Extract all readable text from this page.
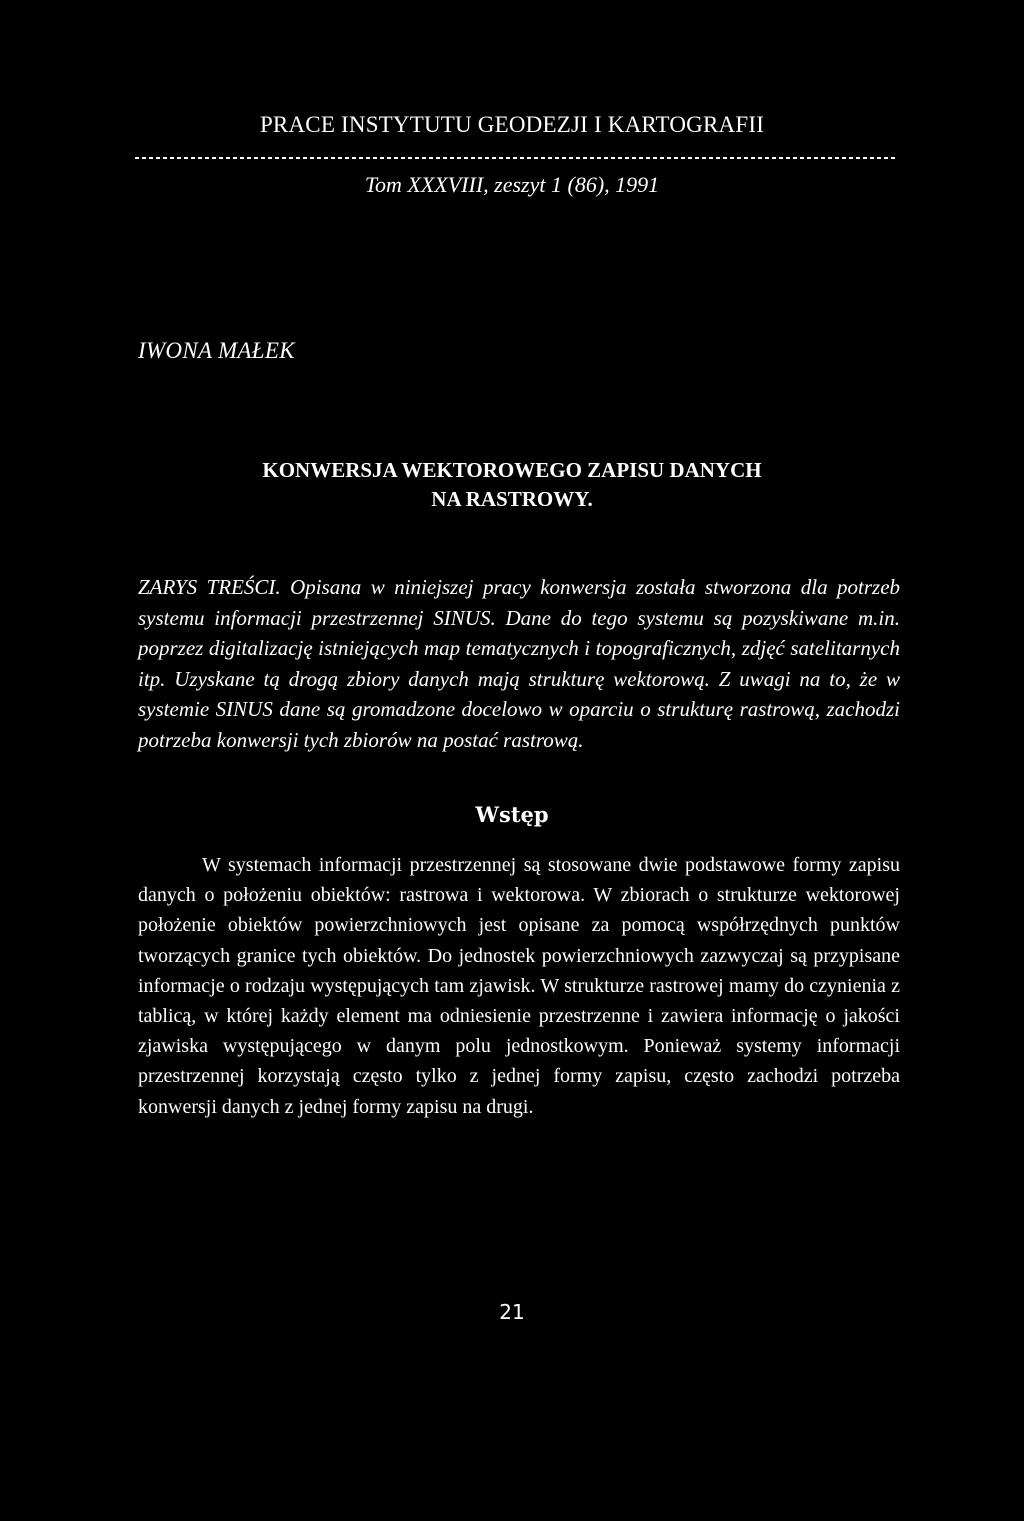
PRACE INSTYTUTU GEODEZJI I KARTOGRAFII
Tom XXXVIII, zeszyt 1 (86), 1991
IWONA MAŁEK
KONWERSJA WEKTOROWEGO ZAPISU DANYCH
NA RASTROWY.
ZARYS TREŚCI. Opisana w niniejszej pracy konwersja została stworzona dla potrzeb systemu informacji przestrzennej SINUS. Dane do tego systemu są pozyskiwane m.in. poprzez digitalizację istniejących map tematycznych i topograficznych, zdjęć satelitarnych itp. Uzyskane tą drogą zbiory danych mają strukturę wektorową. Z uwagi na to, że w systemie SINUS dane są gromadzone docelowo w oparciu o strukturę rastrową, zachodzi potrzeba konwersji tych zbiorów na postać rastrową.
Wstęp
W systemach informacji przestrzennej są stosowane dwie podstawowe formy zapisu danych o położeniu obiektów: rastrowa i wektorowa. W zbiorach o strukturze wektorowej położenie obiektów powierzchniowych jest opisane za pomocą współrzędnych punktów tworzących granice tych obiektów. Do jednostek powierzchniowych zazwyczaj są przypisane informacje o rodzaju występujących tam zjawisk. W strukturze rastrowej mamy do czynienia z tablicą, w której każdy element ma odniesienie przestrzenne i zawiera informację o jakości zjawiska występującego w danym polu jednostkowym. Ponieważ systemy informacji przestrzennej korzystają często tylko z jednej formy zapisu, często zachodzi potrzeba konwersji danych z jednej formy zapisu na drugi.
21
